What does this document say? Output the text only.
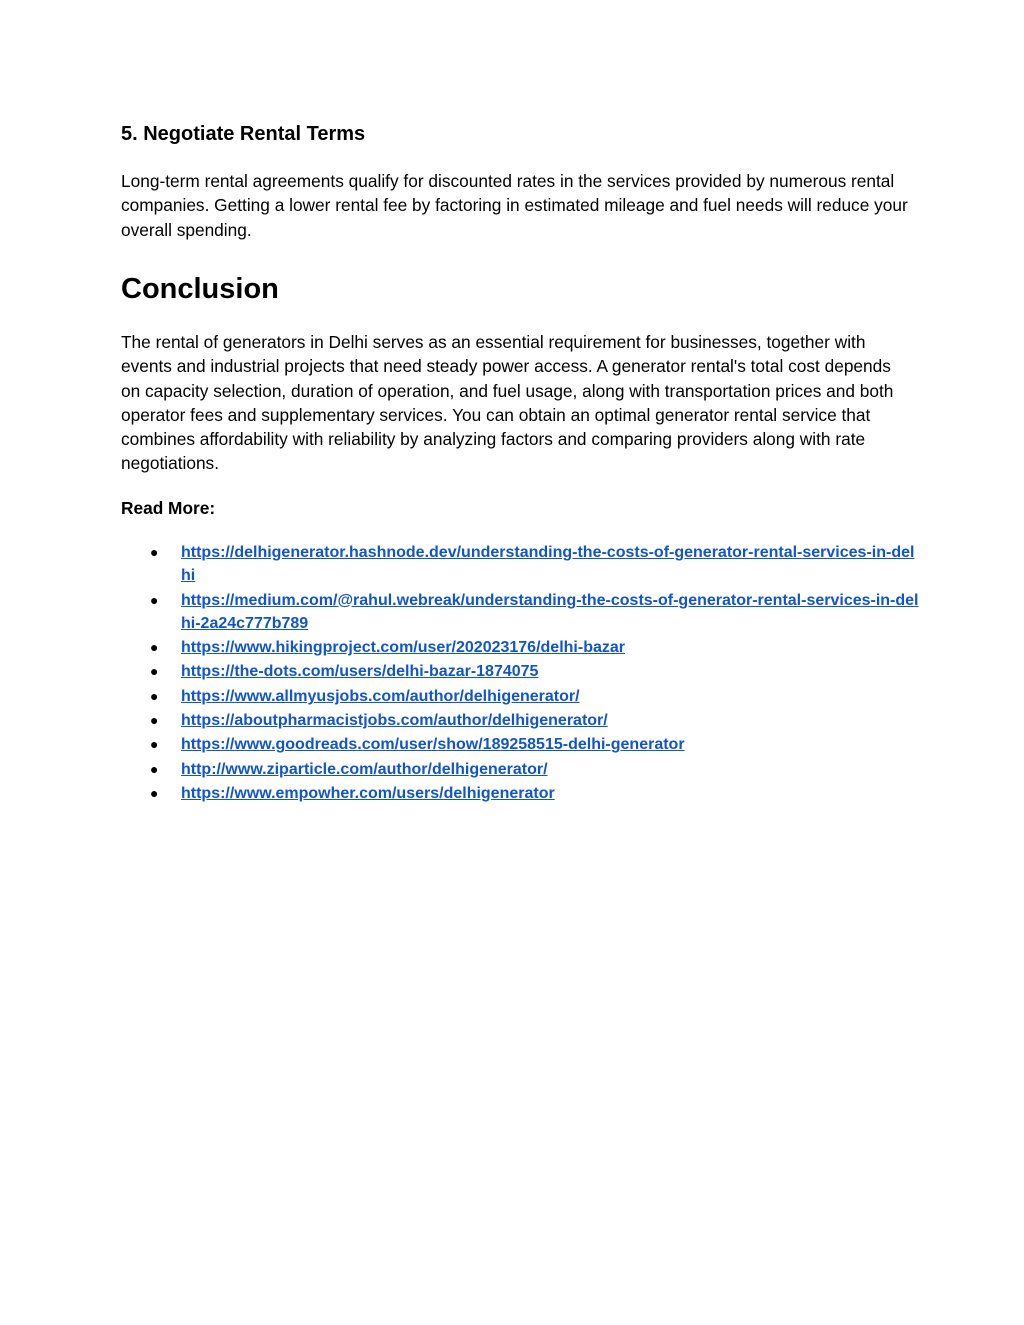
5. Negotiate Rental Terms

Long-term rental agreements qualify for discounted rates in the services provided by numerous rental companies. Getting a lower rental fee by factoring in estimated mileage and fuel needs will reduce your overall spending.

Conclusion

The rental of generators in Delhi serves as an essential requirement for businesses, together with events and industrial projects that need steady power access. A generator rental's total cost depends on capacity selection, duration of operation, and fuel usage, along with transportation prices and both operator fees and supplementary services. You can obtain an optimal generator rental service that combines affordability with reliability by analyzing factors and comparing providers along with rate negotiations.

Read More:

● https://delhigenerator.hashnode.dev/understanding-the-costs-of-generator-rental-services-in-delhi
● https://medium.com/@rahul.webreak/understanding-the-costs-of-generator-rental-services-in-delhi-2a24c777b789
● https://www.hikingproject.com/user/202023176/delhi-bazar
● https://the-dots.com/users/delhi-bazar-1874075
● https://www.allmyusjobs.com/author/delhigenerator/
● https://aboutpharmacistjobs.com/author/delhigenerator/
● https://www.goodreads.com/user/show/189258515-delhi-generator
● http://www.ziparticle.com/author/delhigenerator/
● https://www.empowher.com/users/delhigenerator
